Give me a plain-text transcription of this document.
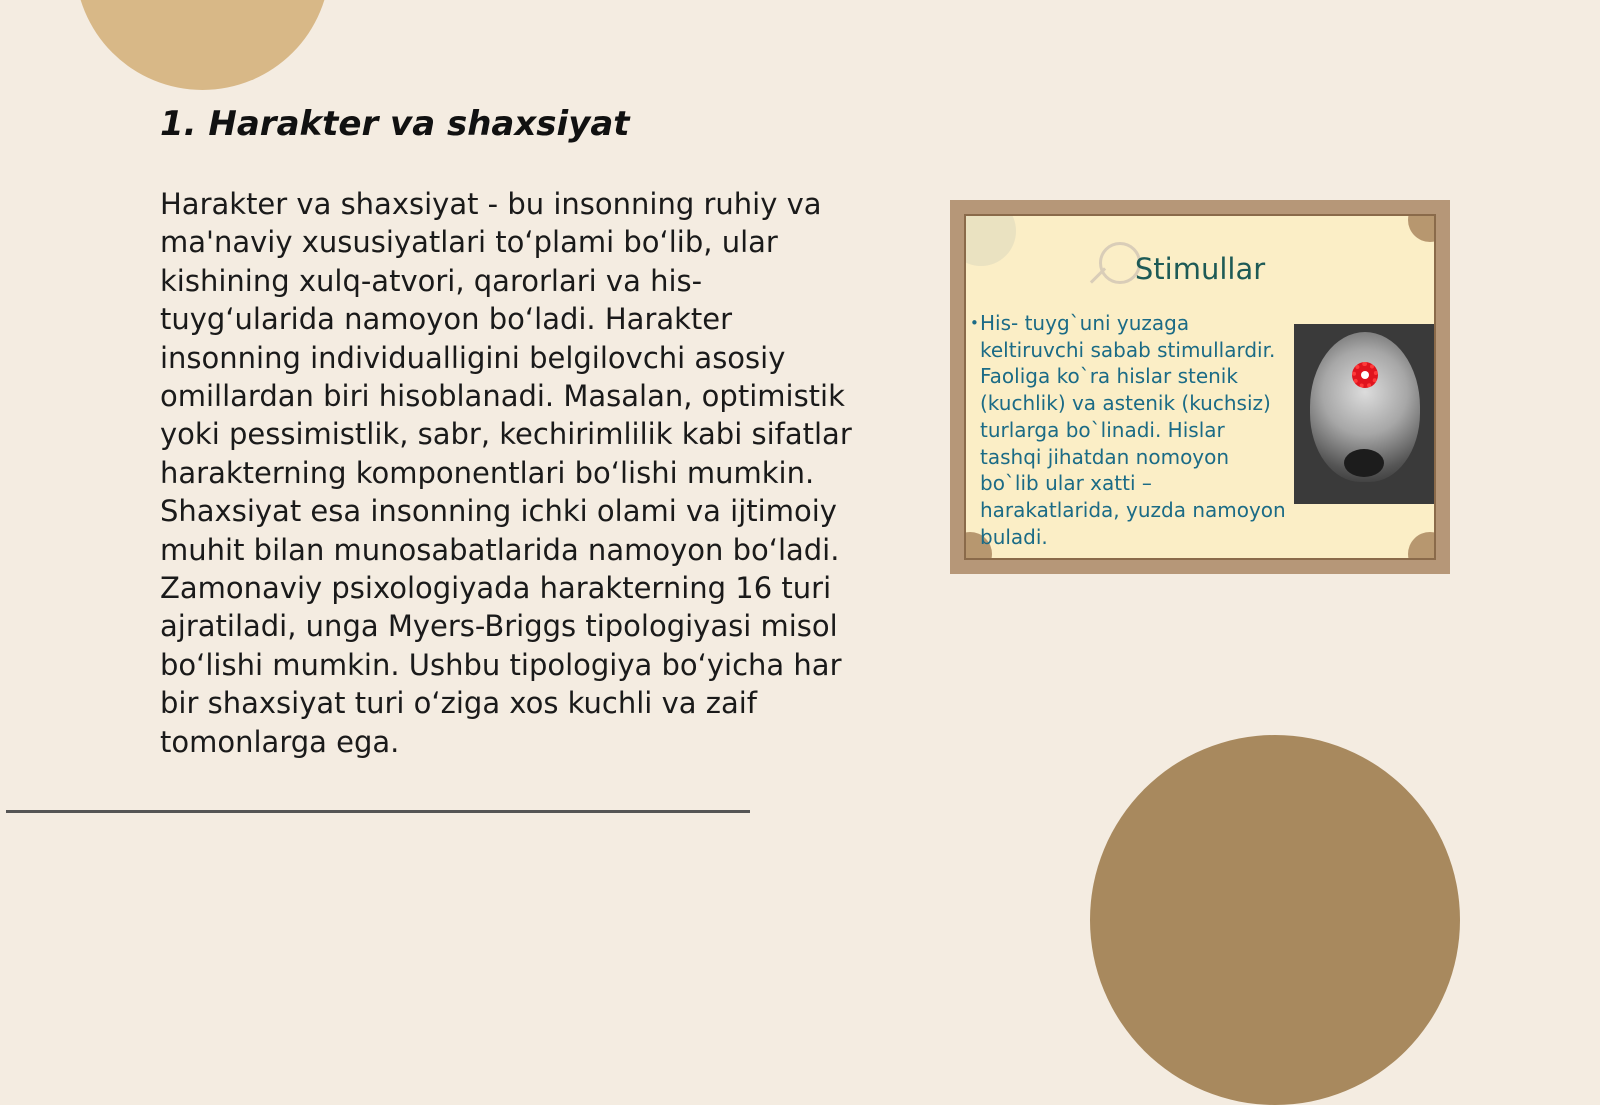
1. Harakter va shaxsiyat

Harakter va shaxsiyat - bu insonning ruhiy va ma'naviy xususiyatlari to‘plami bo‘lib, ular kishining xulq-atvori, qarorlari va his-tuyg‘ularida namoyon bo‘ladi. Harakter insonning individualligini belgilovchi asosiy omillardan biri hisoblanadi. Masalan, optimistik yoki pessimistlik, sabr, kechirimlilik kabi sifatlar harakterning komponentlari bo‘lishi mumkin. Shaxsiyat esa insonning ichki olami va ijtimoiy muhit bilan munosabatlarida namoyon bo‘ladi. Zamonaviy psixologiyada harakterning 16 turi ajratiladi, unga Myers-Briggs tipologiyasi misol bo‘lishi mumkin. Ushbu tipologiya bo‘yicha har bir shaxsiyat turi o‘ziga xos kuchli va zaif tomonlarga ega.

Stimullar
• His- tuyg`uni yuzaga keltiruvchi sabab stimullardir. Faoliga ko`ra hislar stenik (kuchlik) va astenik (kuchsiz) turlarga bo`linadi. Hislar tashqi jihatdan nomoyon bo`lib ular xatti – harakatlarida, yuzda namoyon buladi.
